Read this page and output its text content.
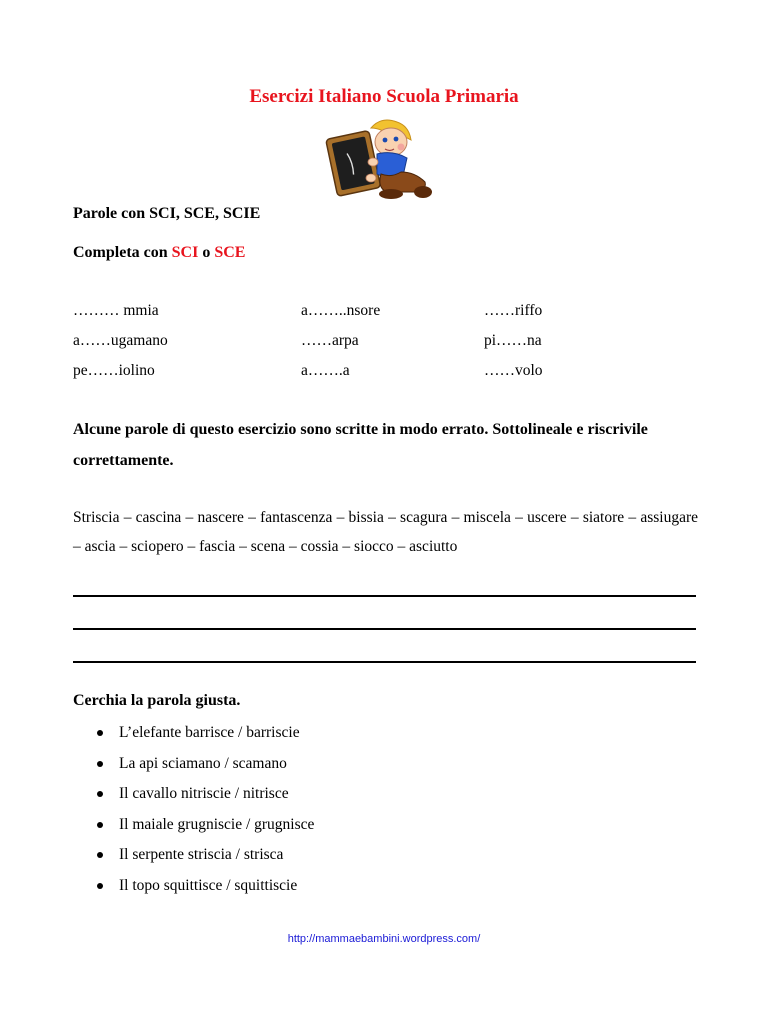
Esercizi Italiano Scuola Primaria
Parole con SCI, SCE, SCIE
Completa con SCI o SCE
……… mmia	a……..nsore	……riffo
a……ugamano	……arpa	pi……na
pe……iolino	a…….a	……volo
Alcune parole di questo esercizio sono scritte in modo errato. Sottolineale e riscrivile correttamente.
Striscia – cascina – nascere – fantascenza – bissia – scagura – miscela – uscere – siatore – assiugare – ascia – sciopero – fascia – scena – cossia – siocco – asciutto
Cerchia la parola giusta.
L’elefante barrisce / barriscie
La api sciamano / scamano
Il cavallo nitriscie / nitrisce
Il maiale grugniscie / grugnisce
Il serpente striscia / strisca
Il topo squittisce / squittiscie
http://mammaebambini.wordpress.com/
